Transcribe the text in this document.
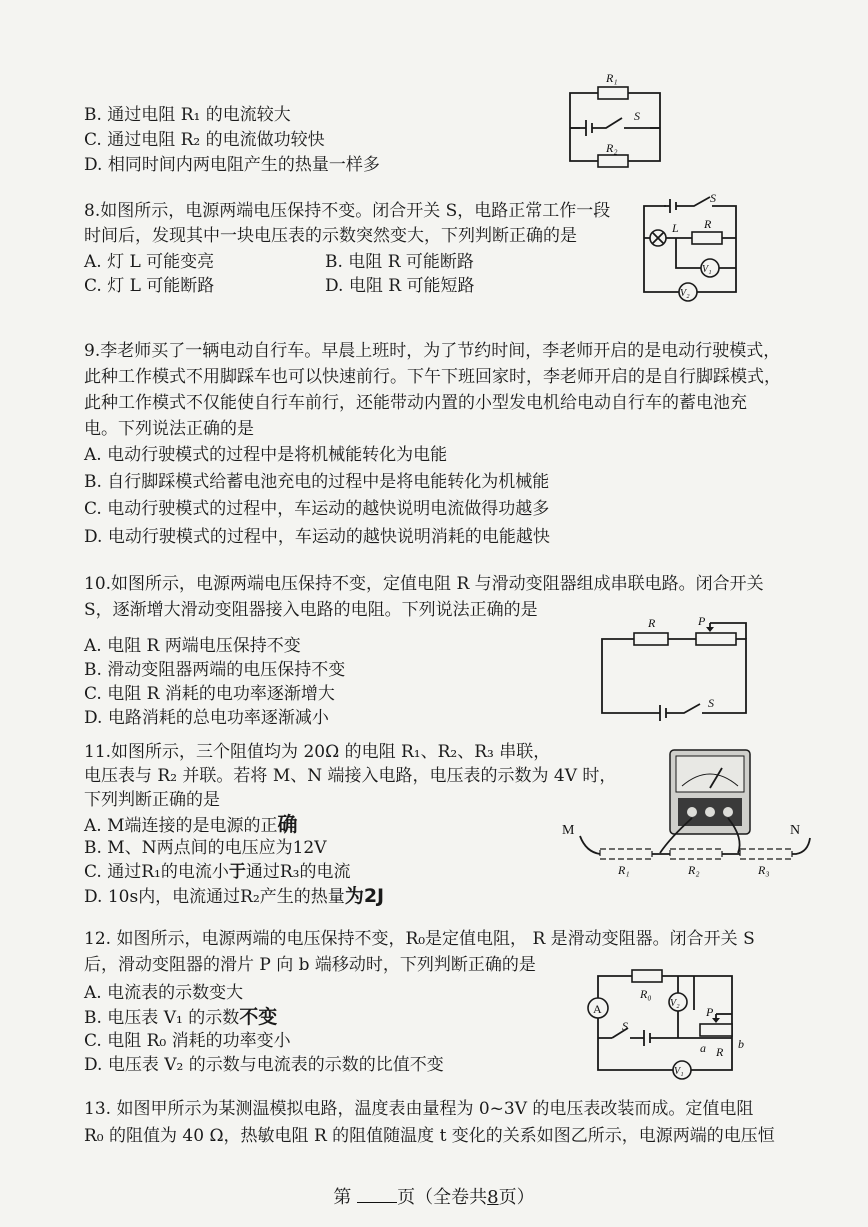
B. 通过电阻 R₁ 的电流较大
C. 通过电阻 R₂ 的电流做功较快
D. 相同时间内两电阻产生的热量一样多
R₁
R₂
S
8.如图所示，电源两端电压保持不变。闭合开关 S，电路正常工作一段
时间后，发现其中一块电压表的示数突然变大，下列判断正确的是
A. 灯 L 可能变亮	B. 电阻 R 可能断路
C. 灯 L 可能断路	D. 电阻 R 可能短路
S
L R
V₁
V₂
9.李老师买了一辆电动自行车。早晨上班时，为了节约时间，李老师开启的是电动行驶模式，
此种工作模式不用脚踩车也可以快速前行。下午下班回家时，李老师开启的是自行脚踩模式，
此种工作模式不仅能使自行车前行，还能带动内置的小型发电机给电动自行车的蓄电池充
电。下列说法正确的是
A. 电动行驶模式的过程中是将机械能转化为电能
B. 自行脚踩模式给蓄电池充电的过程中是将电能转化为机械能
C. 电动行驶模式的过程中，车运动的越快说明电流做得功越多
D. 电动行驶模式的过程中，车运动的越快说明消耗的电能越快
10.如图所示，电源两端电压保持不变，定值电阻 R 与滑动变阻器组成串联电路。闭合开关
S，逐渐增大滑动变阻器接入电路的电阻。下列说法正确的是
A. 电阻 R 两端电压保持不变
B. 滑动变阻器两端的电压保持不变
C. 电阻 R 消耗的电功率逐渐增大
D. 电路消耗的总电功率逐渐减小
R	P
S
11.如图所示，三个阻值均为 20Ω 的电阻 R₁、R₂、R₃ 串联，
电压表与 R₂ 并联。若将 M、N 端接入电路，电压表的示数为 4V 时，
下列判断正确的是
A. M端连接的是电源的正确
B. M、N两点间的电压应为12V
C. 通过R₁的电流小于通过R₃的电流
D. 10s内，电流通过R₂产生的热量为2J
M	N
R₁	R₂	R₃
12. 如图所示，电源两端的电压保持不变，R₀是定值电阻， R 是滑动变阻器。闭合开关 S
后，滑动变阻器的滑片 P 向 b 端移动时，下列判断正确的是
A. 电流表的示数变大
B. 电压表 V₁ 的示数不变
C. 电阻 R₀ 消耗的功率变小
D. 电压表 V₂ 的示数与电流表的示数的比值不变
A
R₀
V₂
S
P
a R
b
V₁
13. 如图甲所示为某测温模拟电路，温度表由量程为 0~3V 的电压表改装而成。定值电阻
R₀ 的阻值为 40 Ω，热敏电阻 R 的阻值随温度 t 变化的关系如图乙所示，电源两端的电压恒
第	页（全卷共8页）
